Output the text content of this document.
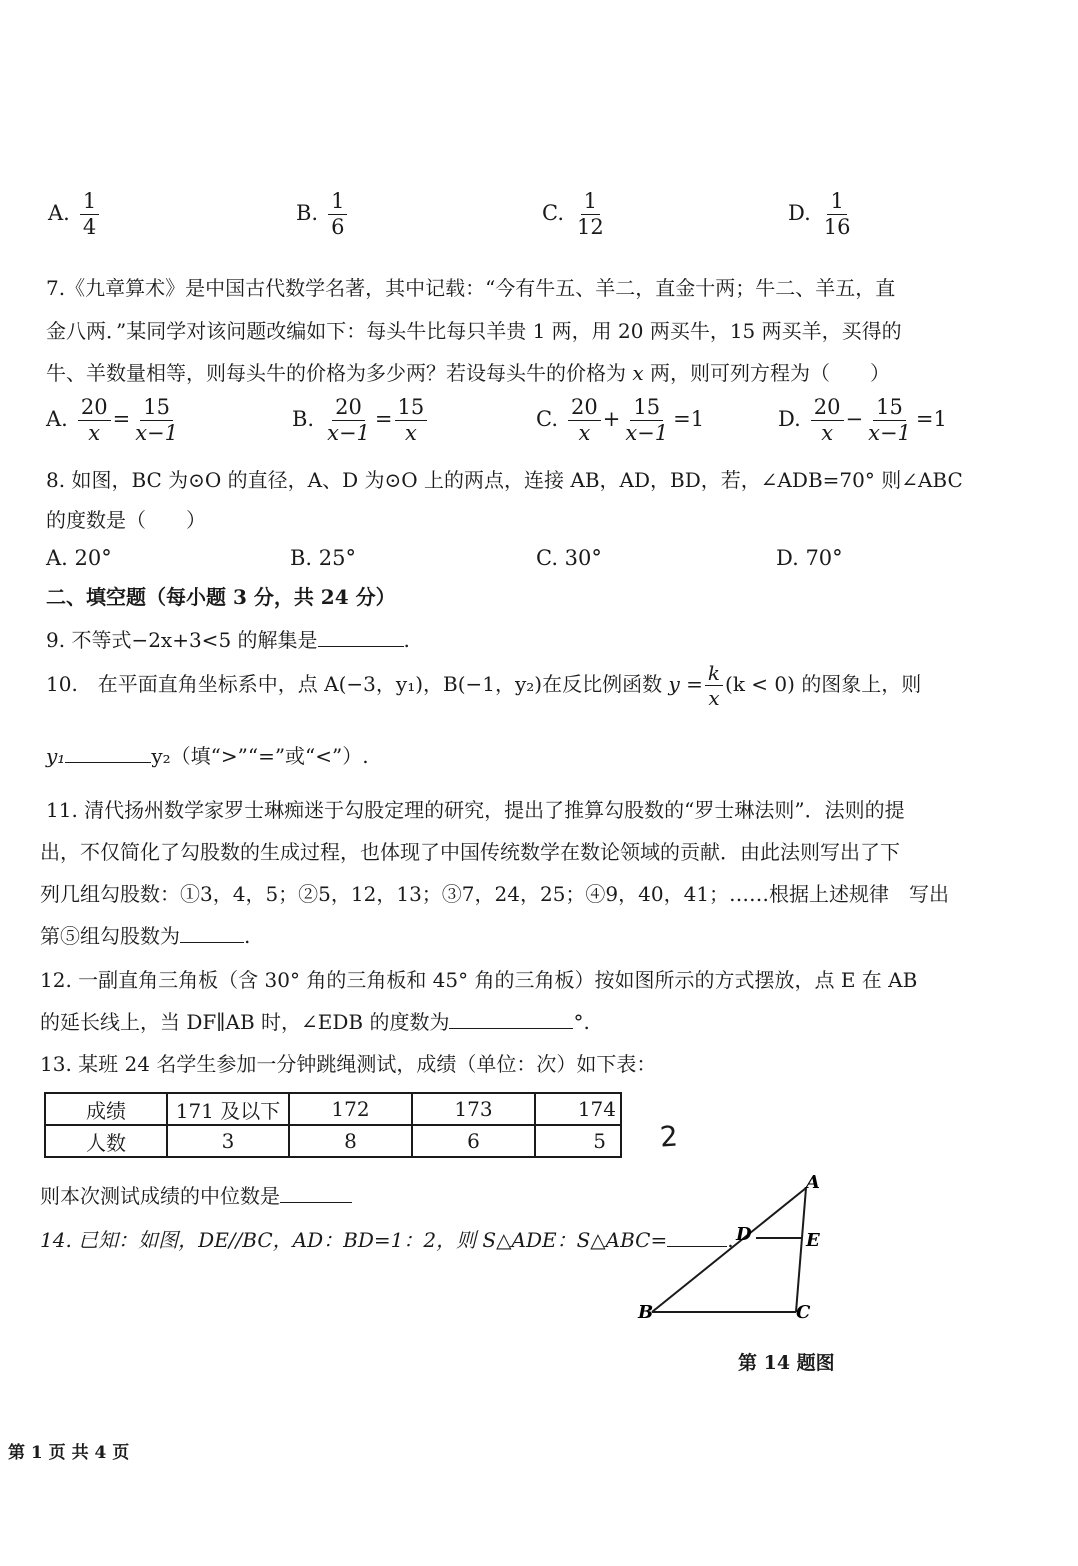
A. $\frac{1}{4}$	B. $\frac{1}{6}$	C. $\frac{1}{12}$	D. $\frac{1}{16}$
7.《九章算术》是中国古代数学名著，其中记载：“今有牛五、羊二，直金十两；牛二、羊五，直
金八两．”某同学对该问题改编如下：每头牛比每只羊贵 1 两，用 20 两买牛，15 两买羊，买得的
牛、羊数量相等，则每头牛的价格为多少两？若设每头牛的价格为 x 两，则可列方程为（　　）
A. $\frac{20}{x} = \frac{15}{x-1}$	B. $\frac{20}{x-1} = \frac{15}{x}$	C. $\frac{20}{x} + \frac{15}{x-1} =1$	D. $\frac{20}{x} - \frac{15}{x-1} =1$
8. 如图，BC 为⊙O 的直径，A、D 为⊙O 上的两点，连接 AB，AD，BD，若，∠ADB=70° 则∠ABC
的度数是（　　）
A. 20°	B. 25°	C. 30°	D. 70°
二、填空题（每小题 3 分，共 24 分）
9. 不等式−2x+3<5 的解集是	.
10.　在平面直角坐标系中，点 A(−3，y₁)，B(−1，y₂)在反比例函数 $y = \frac{k}{x} (k < 0)$ 的图象上，则
y₁	y₂（填“>”“=”或“<”）.
11. 清代扬州数学家罗士琳痴迷于勾股定理的研究，提出了推算勾股数的“罗士琳法则”．法则的提
出，不仅简化了勾股数的生成过程，也体现了中国传统数学在数论领域的贡献．由此法则写出了下
列几组勾股数：①3，4，5；②5，12，13；③7，24，25；④9，40，41；……根据上述规律　写出
第⑤组勾股数为	.
12. 一副直角三角板（含 30° 角的三角板和 45° 角的三角板）按如图所示的方式摆放，点 E 在 AB
的延长线上，当 DF∥AB 时，∠EDB 的度数为	°.
13. 某班 24 名学生参加一分钟跳绳测试，成绩（单位：次）如下表：
成绩	171 及以下	172	173	174
人数	3	8	6	5 2
则本次测试成绩的中位数是
14. 已知：如图，DE//BC，AD：BD=1：2，则 S△ADE：S△ABC=	.
A
D	E
B	C
第 14 题图
第 1 页 共 4 页
